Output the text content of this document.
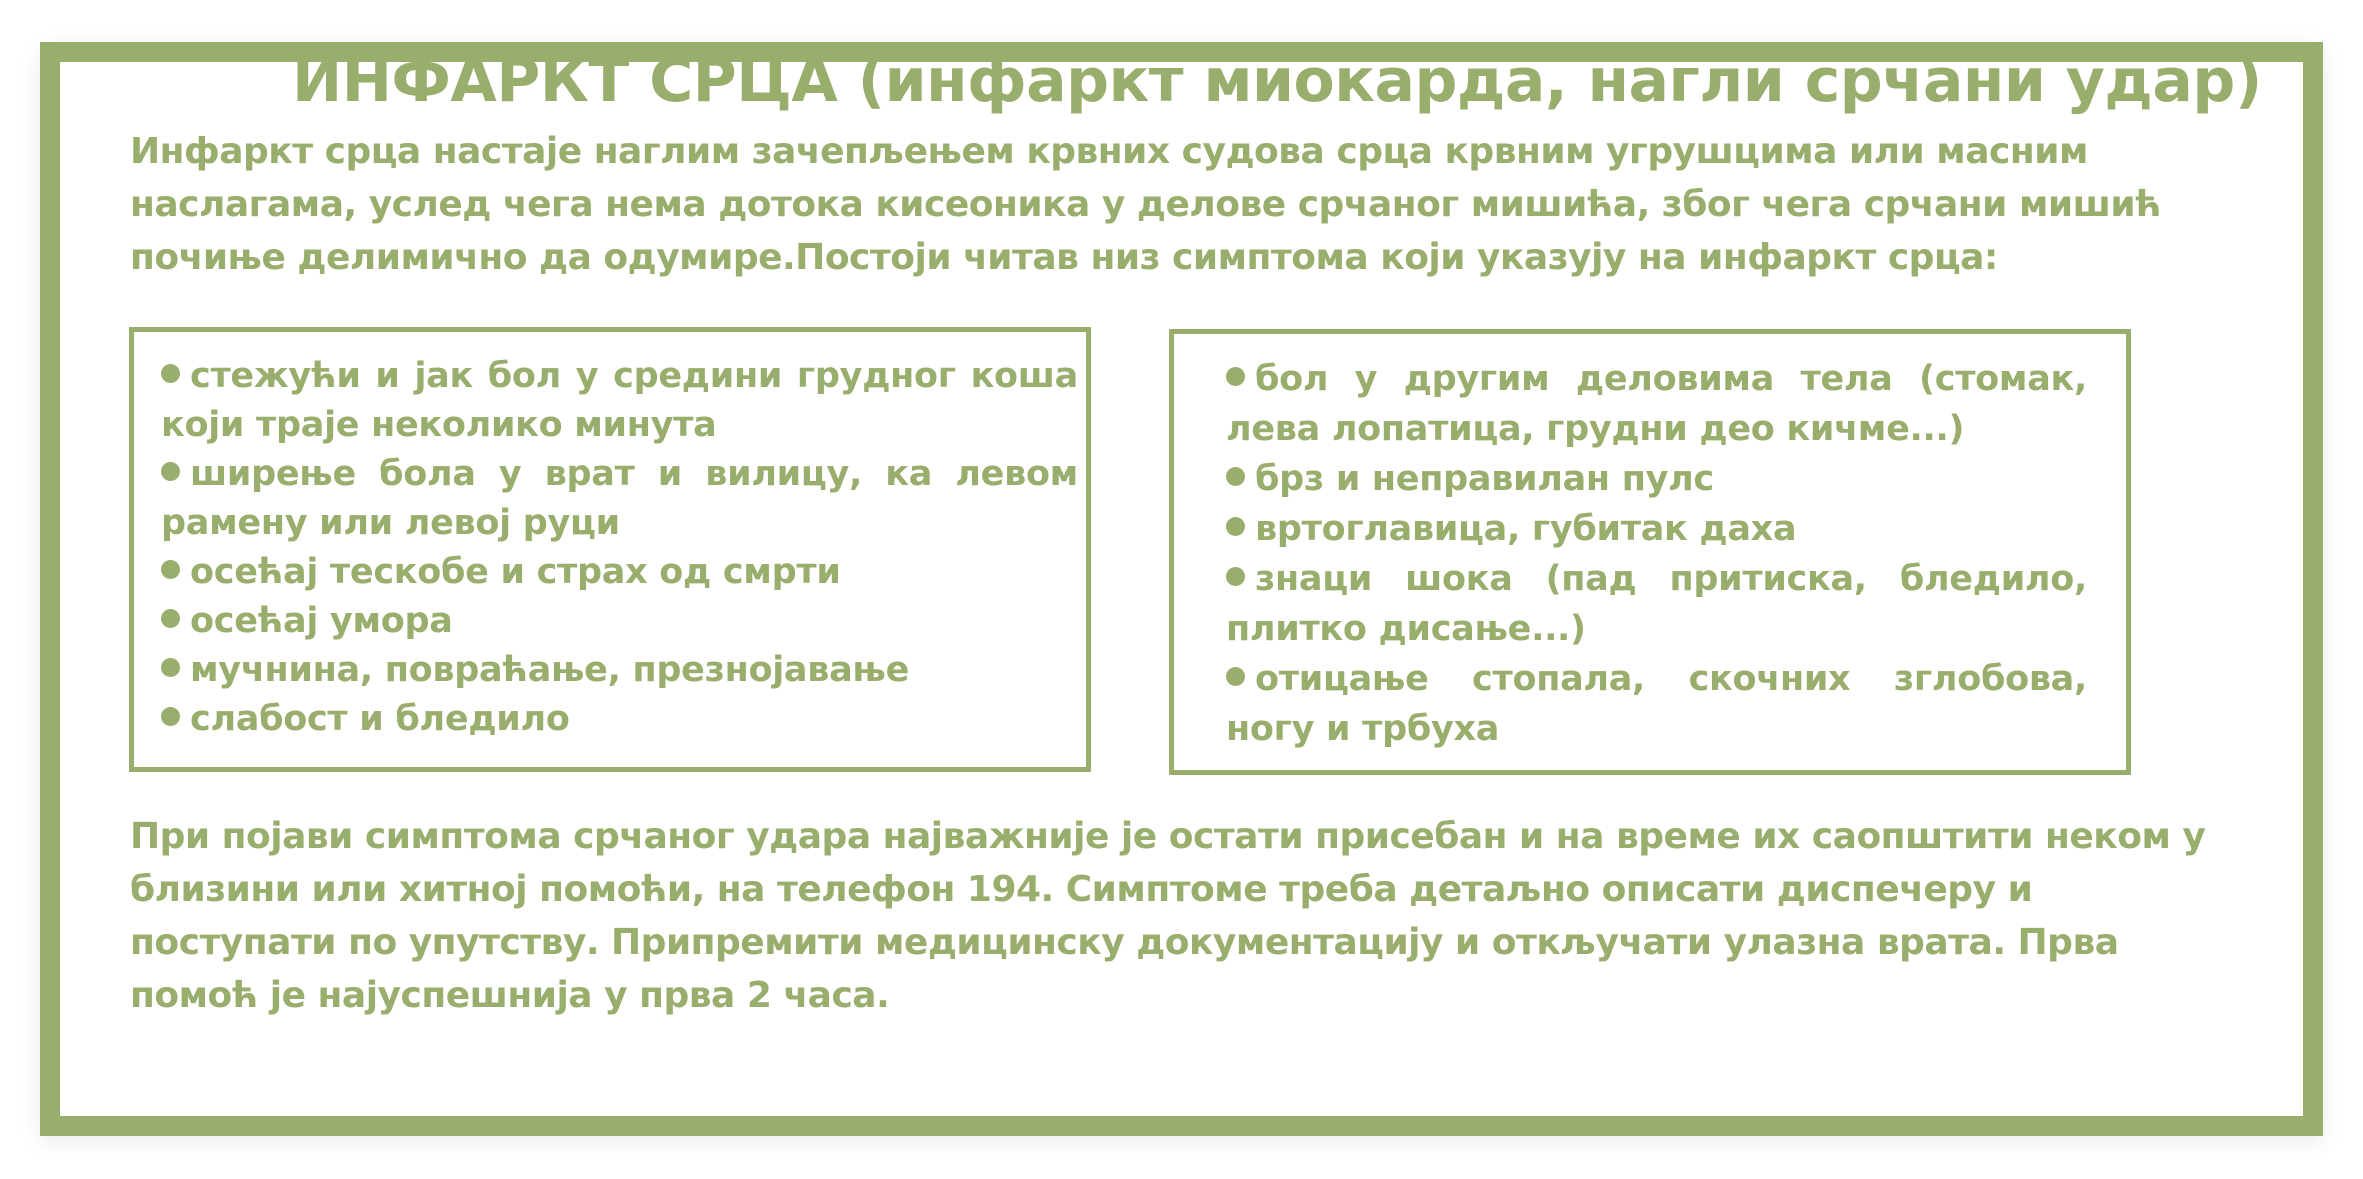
ИНФАРКТ СРЦА (инфаркт миокарда, нагли срчани удар)

Инфаркт срца настаје наглим зачепљењем крвних судова срца крвним угрушцима или масним наслагама, услед чега нема дотока кисеоника у делове срчаног мишића, због чега срчани мишић почиње делимично да одумире.Постоји читав низ симптома који указују на инфаркт срца:

стежући и јак бол у средини грудног коша који траје неколико минута
ширење бола у врат и вилицу, ка левом рамену или левој руци
осећај тескобе и страх од смрти
осећај умора
мучнина, повраћање, презнојавање
слабост и бледило
бол у другим деловима тела (стомак, лева лопатица, грудни део кичме...)
брз и неправилан пулс
вртоглавица, губитак даха
знаци шока (пад притиска, бледило, плитко дисање...)
отицање стопала, скочних зглобова, ногу и трбуха

При појави симптома срчаног удара најважније је остати присебан и на време их саопштити неком у близини или хитној помоћи, на телефон 194. Симптоме треба детаљно описати диспечеру и поступати по упутству. Припремити медицинску документацију и откључати улазна врата. Прва помоћ је најуспешнија у прва 2 часа.
